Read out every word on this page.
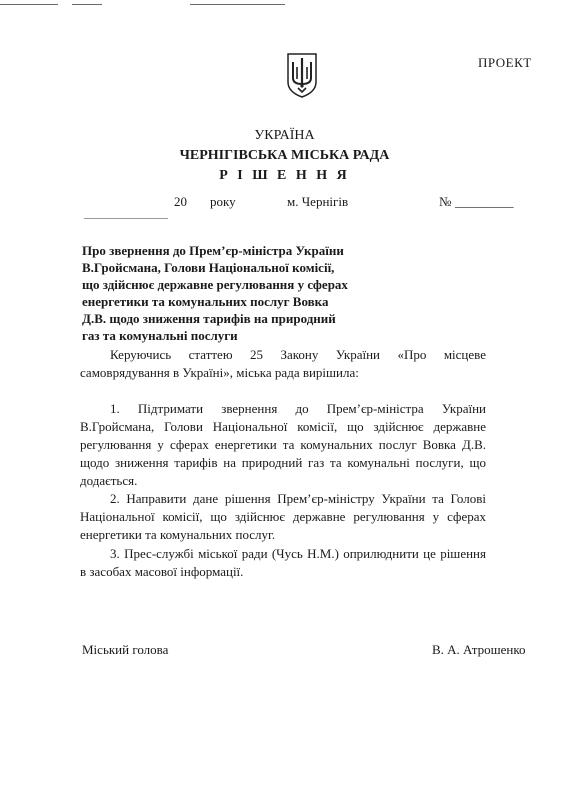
ПРОЕКТ
УКРАЇНА
ЧЕРНІГІВСЬКА МІСЬКА РАДА
Р І Ш Е Н Н Я
20 року	м. Чернігів	№ _________
Про звернення до Прем’єр-міністра України
В.Гройсмана, Голови Національної комісії,
що здійснює державне регулювання у сферах
енергетики та комунальних послуг Вовка
Д.В. щодо зниження тарифів на природний
газ та комунальні послуги
Керуючись статтею 25 Закону України «Про місцеве самоврядування в Україні», міська рада вирішила:
1. Підтримати звернення до Прем’єр-міністра України В.Гройсмана, Голови Національної комісії, що здійснює державне регулювання у сферах енергетики та комунальних послуг Вовка Д.В. щодо зниження тарифів на природний газ та комунальні послуги, що додається.
2. Направити дане рішення Прем’єр-міністру України та Голові Національної комісії, що здійснює державне регулювання у сферах енергетики та комунальних послуг.
3. Прес-службі міської ради (Чусь Н.М.) оприлюднити це рішення в засобах масової інформації.
Міський голова	В. А. Атрошенко
